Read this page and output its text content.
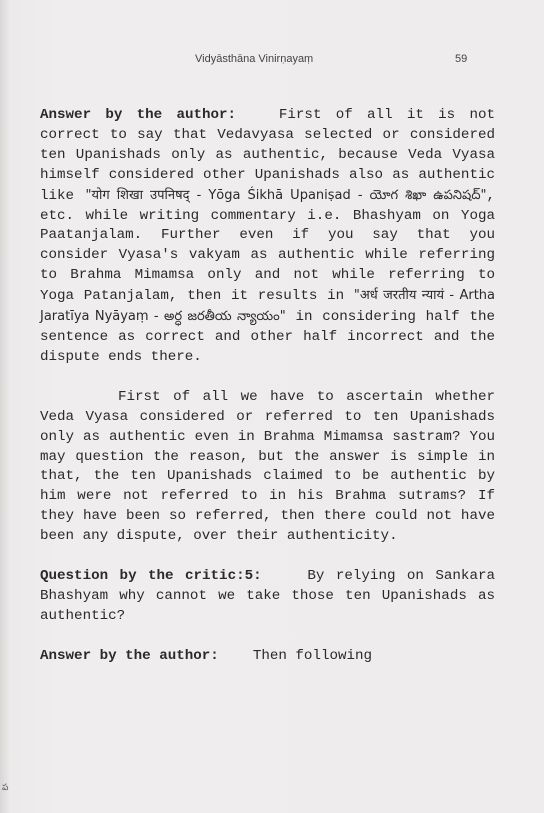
Vidyāsthāna Vinirṇayaṃ	59

Answer by the author:   First of all it is not correct to say that Vedavyasa selected or considered ten Upanishads only as authentic, because Veda Vyasa himself considered other Upanishads also as authentic like "योग शिखा उपनिषद् - Yōga Śikhā Upaniṣad - యోగ శిఖా ఉపనిషద్", etc. while writing commentary i.e. Bhashyam on Yoga Paatanjalam. Further even if you say that you consider Vyasa's vakyam as authentic while referring to Brahma Mimamsa only and not while referring to Yoga Patanjalam, then it results in "अर्ध जरतीय न्यायं - Artha Jaratīya Nyāyaṃ - అర్ధ జరతీయ న్యాయం" in considering half the sentence as correct and other half incorrect and the dispute ends there.

First of all we have to ascertain whether Veda Vyasa considered or referred to ten Upanishads only as authentic even in Brahma Mimamsa sastram? You may question the reason, but the answer is simple in that, the ten Upanishads claimed to be authentic by him were not referred to in his Brahma sutrams? If they have been so referred, then there could not have been any dispute, over their authenticity.

Question by the critic:5:    By relying on Sankara Bhashyam why cannot we take those ten Upanishads as authentic?

Answer by the author:    Then following

ప
